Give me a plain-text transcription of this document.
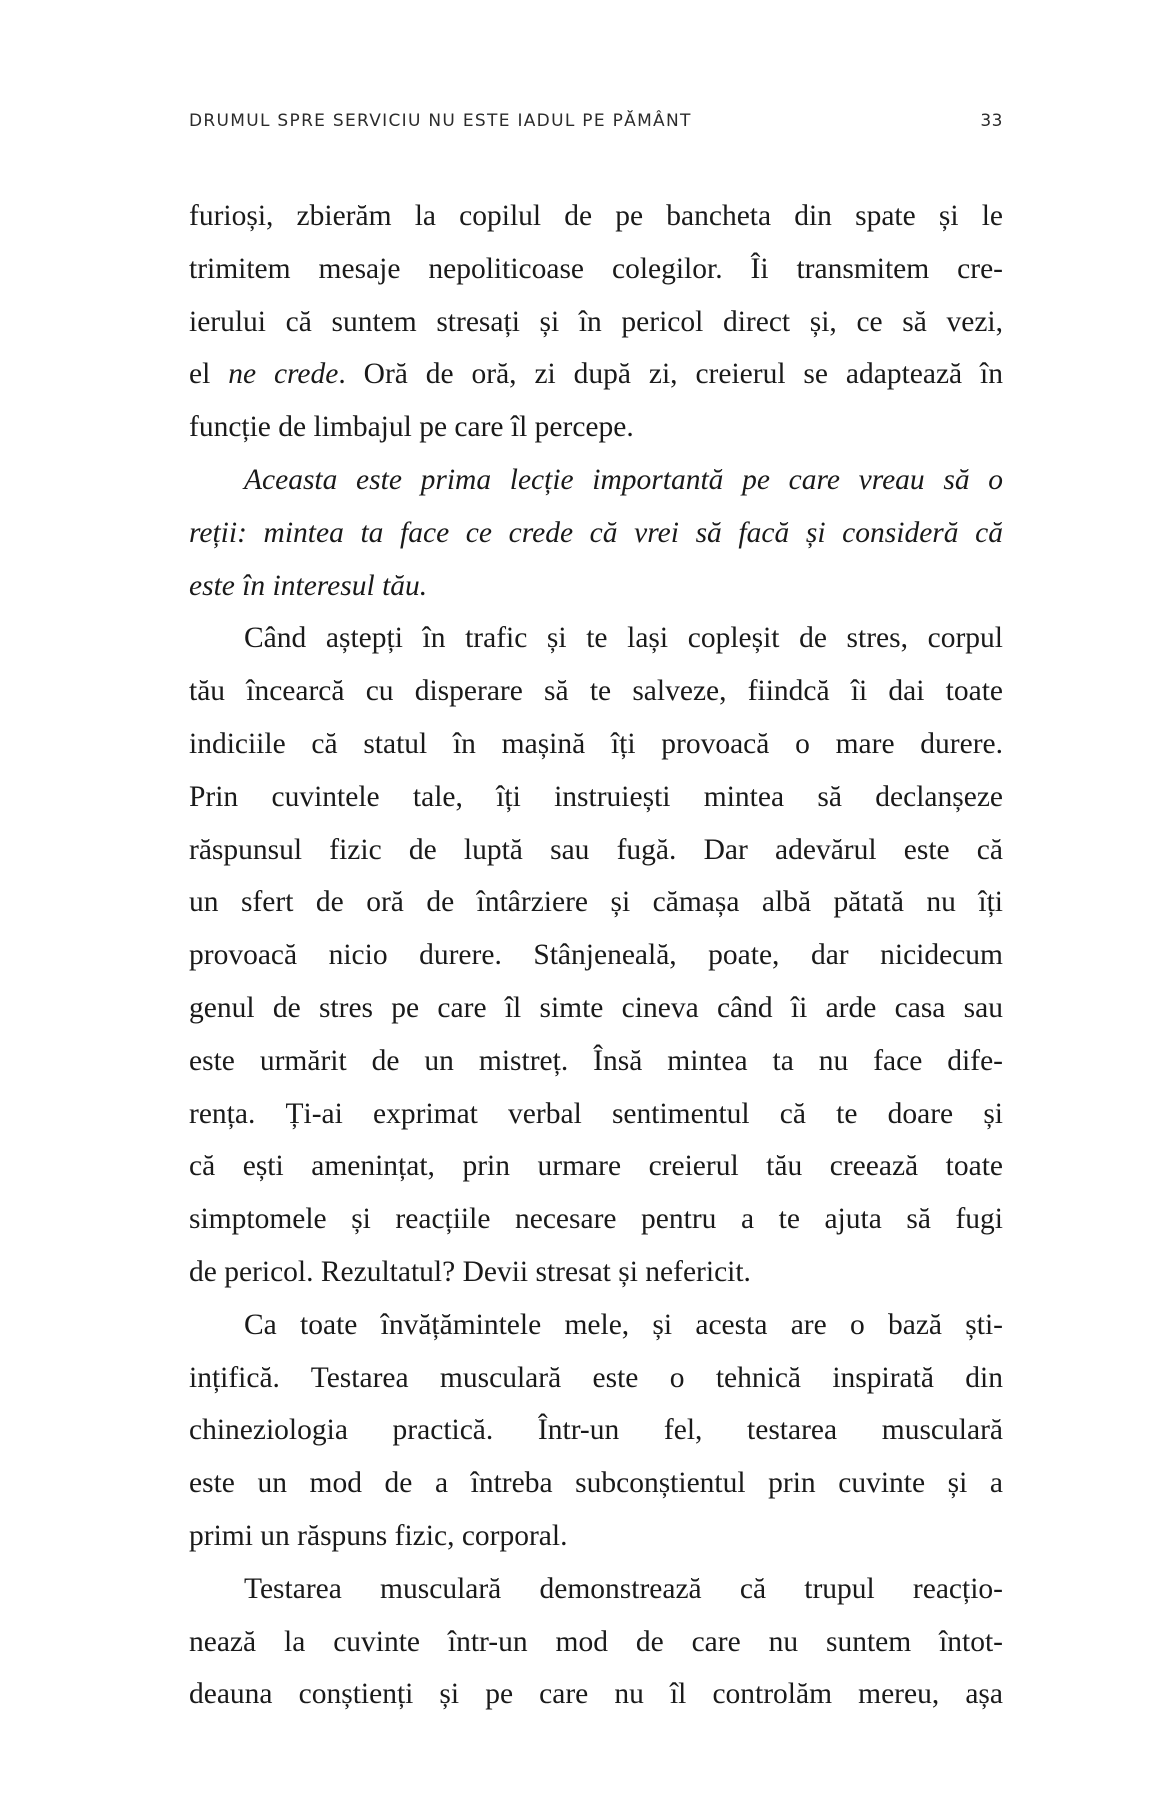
DRUMUL SPRE SERVICIU NU ESTE IADUL PE PĂMÂNT	33
furioși, zbierăm la copilul de pe bancheta din spate și le
trimitem mesaje nepoliticoase colegilor. Îi transmitem cre-
ierului că suntem stresați și în pericol direct și, ce să vezi,
el ne crede. Oră de oră, zi după zi, creierul se adaptează în
funcție de limbajul pe care îl percepe.
Aceasta este prima lecție importantă pe care vreau să o
reții: mintea ta face ce crede că vrei să facă și consideră că
este în interesul tău.
Când aștepți în trafic și te lași copleșit de stres, corpul
tău încearcă cu disperare să te salveze, fiindcă îi dai toate
indiciile că statul în mașină îți provoacă o mare durere.
Prin cuvintele tale, îți instruiești mintea să declanșeze
răspunsul fizic de luptă sau fugă. Dar adevărul este că
un sfert de oră de întârziere și cămașa albă pătată nu îți
provoacă nicio durere. Stânjeneală, poate, dar nicidecum
genul de stres pe care îl simte cineva când îi arde casa sau
este urmărit de un mistreț. Însă mintea ta nu face dife-
rența. Ți-ai exprimat verbal sentimentul că te doare și
că ești amenințat, prin urmare creierul tău creează toate
simptomele și reacțiile necesare pentru a te ajuta să fugi
de pericol. Rezultatul? Devii stresat și nefericit.
Ca toate învățămintele mele, și acesta are o bază ști-
ințifică. Testarea musculară este o tehnică inspirată din
chineziologia practică. Într-un fel, testarea musculară
este un mod de a întreba subconștientul prin cuvinte și a
primi un răspuns fizic, corporal.
Testarea musculară demonstrează că trupul reacțio-
nează la cuvinte într-un mod de care nu suntem întot-
deauna conștienți și pe care nu îl controlăm mereu, așa
